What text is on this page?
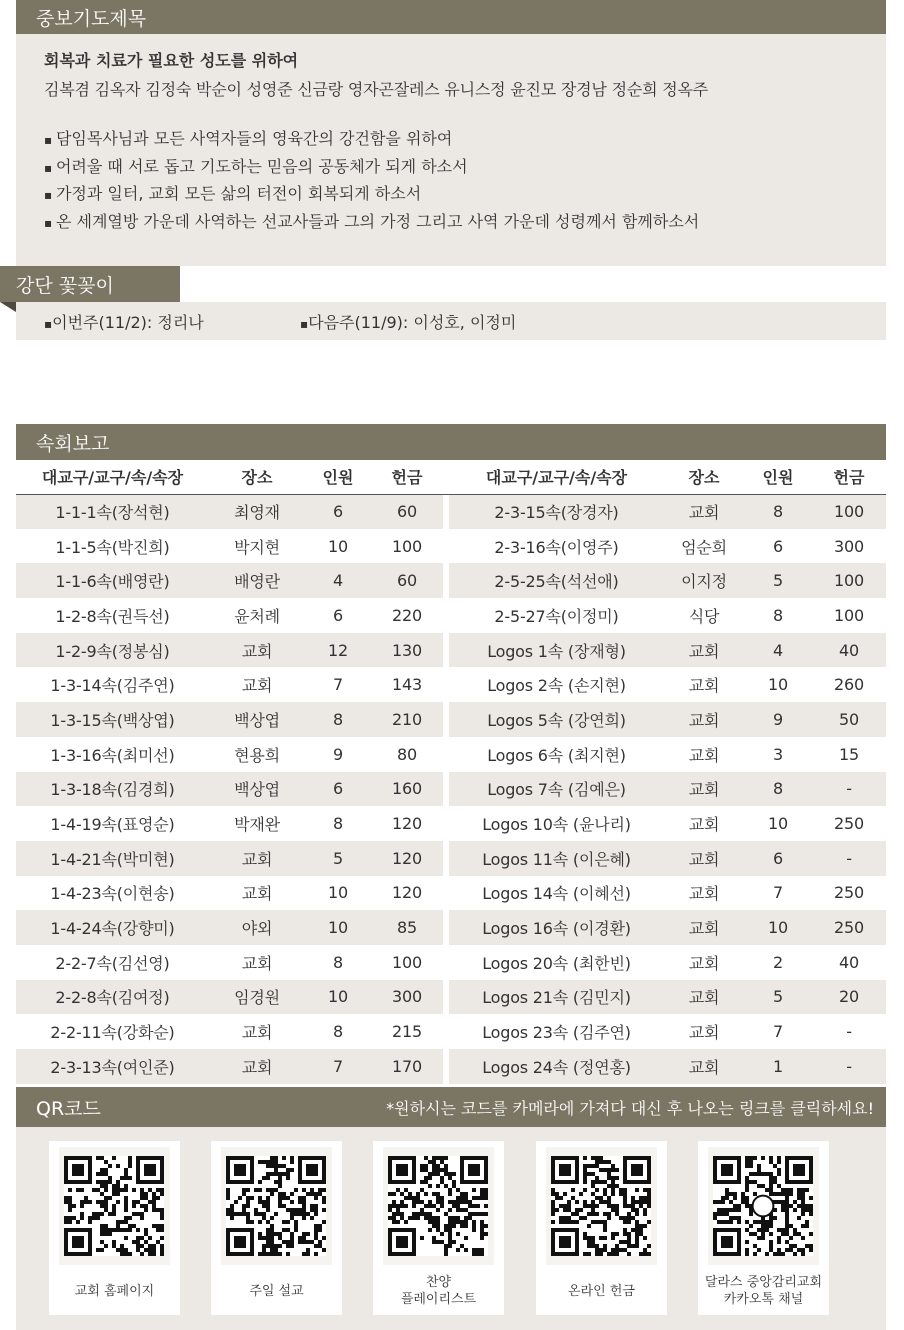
중보기도제목
회복과 치료가 필요한 성도를 위하여
김복겸 김옥자 김정숙 박순이 성영준 신금랑 영자곤잘레스 유니스정 윤진모 장경남 정순희 정옥주
▪ 담임목사님과 모든 사역자들의 영육간의 강건함을 위하여
▪ 어려울 때 서로 돕고 기도하는 믿음의 공동체가 되게 하소서
▪ 가정과 일터, 교회 모든 삶의 터전이 회복되게 하소서
▪ 온 세계열방 가운데 사역하는 선교사들과 그의 가정 그리고 사역 가운데 성령께서 함께하소서
강단 꽃꽂이
▪이번주(11/2): 정리나	▪다음주(11/9): 이성호, 이정미
속회보고
대교구/교구/속/속장	장소	인원	헌금		대교구/교구/속/속장	장소	인원	헌금
1-1-1속(장석현)	최영재	6	60		2-3-15속(장경자)	교회	8	100
1-1-5속(박진희)	박지현	10	100		2-3-16속(이영주)	엄순희	6	300
1-1-6속(배영란)	배영란	4	60		2-5-25속(석선애)	이지정	5	100
1-2-8속(권득선)	윤처례	6	220		2-5-27속(이정미)	식당	8	100
1-2-9속(정봉심)	교회	12	130		Logos 1속 (장재형)	교회	4	40
1-3-14속(김주연)	교회	7	143		Logos 2속 (손지현)	교회	10	260
1-3-15속(백상엽)	백상엽	8	210		Logos 5속 (강연희)	교회	9	50
1-3-16속(최미선)	현용희	9	80		Logos 6속 (최지현)	교회	3	15
1-3-18속(김경희)	백상엽	6	160		Logos 7속 (김예은)	교회	8	-
1-4-19속(표영순)	박재완	8	120		Logos 10속 (윤나리)	교회	10	250
1-4-21속(박미현)	교회	5	120		Logos 11속 (이은혜)	교회	6	-
1-4-23속(이현송)	교회	10	120		Logos 14속 (이혜선)	교회	7	250
1-4-24속(강향미)	야외	10	85		Logos 16속 (이경환)	교회	10	250
2-2-7속(김선영)	교회	8	100		Logos 20속 (최한빈)	교회	2	40
2-2-8속(김여정)	임경원	10	300		Logos 21속 (김민지)	교회	5	20
2-2-11속(강화순)	교회	8	215		Logos 23속 (김주연)	교회	7	-
2-3-13속(여인준)	교회	7	170		Logos 24속 (정연홍)	교회	1	-
QR코드	*원하시는 코드를 카메라에 가져다 대신 후 나오는 링크를 클릭하세요!
교회 홈페이지	주일 설교
찬양
플레이리스트
온라인 헌금
달라스 중앙감리교회
카카오톡 채널
